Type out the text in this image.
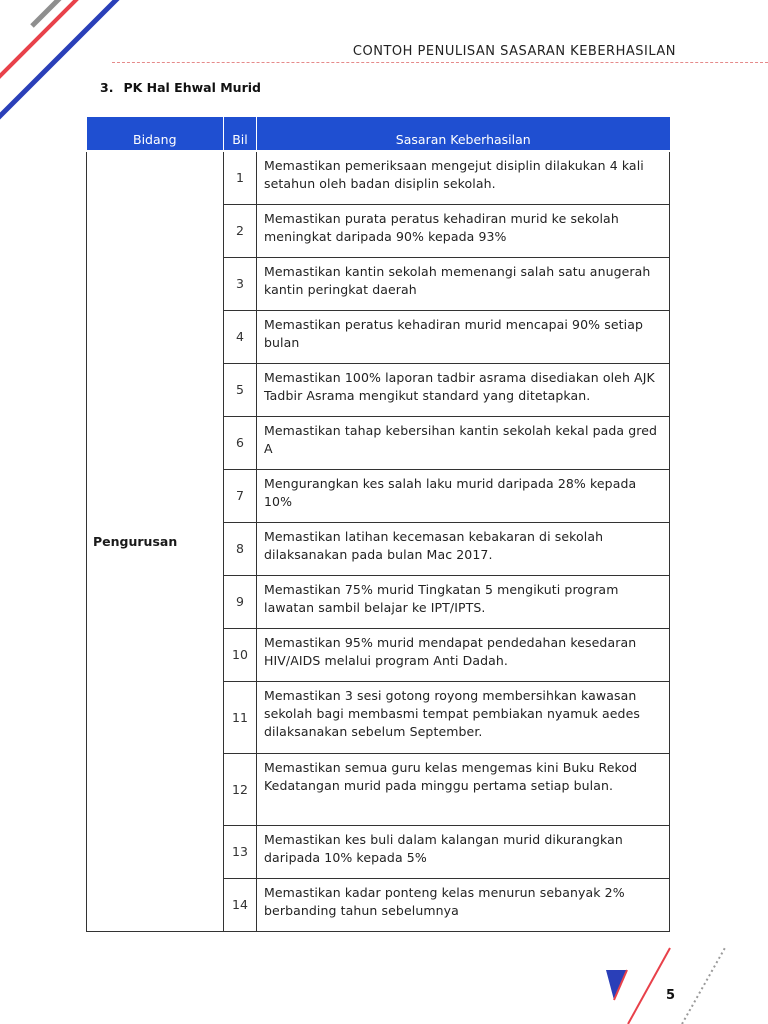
CONTOH PENULISAN SASARAN KEBERHASILAN
3. PK Hal Ehwal Murid
Bidang	Bil	Sasaran Keberhasilan
Pengurusan	1	Memastikan pemeriksaan mengejut disiplin dilakukan 4 kali setahun oleh badan disiplin sekolah.
	2	Memastikan purata peratus kehadiran murid ke sekolah meningkat daripada 90% kepada 93%
	3	Memastikan kantin sekolah memenangi salah satu anugerah kantin peringkat daerah
	4	Memastikan peratus kehadiran murid mencapai 90% setiap bulan
	5	Memastikan 100% laporan tadbir asrama disediakan oleh AJK Tadbir Asrama mengikut standard yang ditetapkan.
	6	Memastikan tahap kebersihan kantin sekolah kekal pada gred A
	7	Mengurangkan kes salah laku murid daripada 28% kepada 10%
	8	Memastikan latihan kecemasan kebakaran di sekolah dilaksanakan pada bulan Mac 2017.
	9	Memastikan 75% murid Tingkatan 5 mengikuti program lawatan sambil belajar ke IPT/IPTS.
	10	Memastikan 95% murid mendapat pendedahan kesedaran HIV/AIDS melalui program Anti Dadah.
	11	Memastikan 3 sesi gotong royong membersihkan kawasan sekolah bagi membasmi tempat pembiakan nyamuk aedes dilaksanakan sebelum September.
	12	Memastikan semua guru kelas mengemas kini Buku Rekod Kedatangan murid pada minggu pertama setiap bulan.
	13	Memastikan kes buli dalam kalangan murid dikurangkan daripada 10% kepada 5%
	14	Memastikan kadar ponteng kelas menurun sebanyak 2% berbanding tahun sebelumnya
5
